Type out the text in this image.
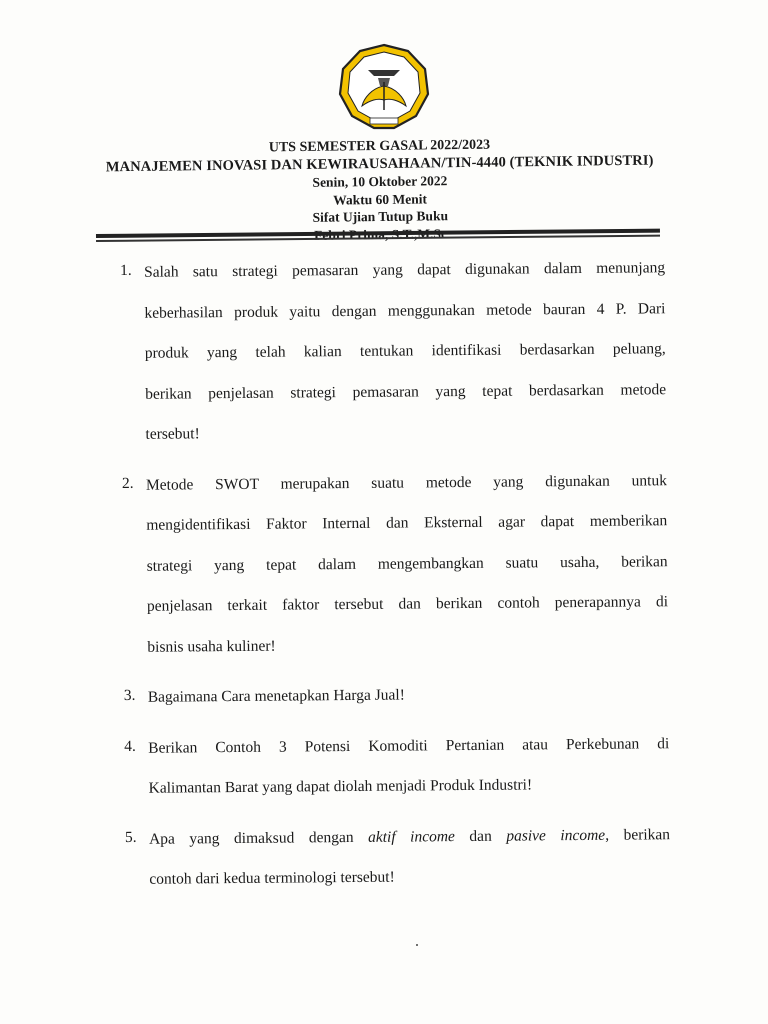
UTS SEMESTER GASAL 2022/2023
MANAJEMEN INOVASI DAN KEWIRAUSAHAAN/TIN-4440 (TEKNIK INDUSTRI)
Senin, 10 Oktober 2022
Waktu 60 Menit
Sifat Ujian Tutup Buku
1. Salah satu strategi pemasaran yang dapat digunakan dalam menunjang
keberhasilan produk yaitu dengan menggunakan metode bauran 4 P. Dari
produk yang telah kalian tentukan identifikasi berdasarkan peluang,
berikan penjelasan strategi pemasaran yang tepat berdasarkan metode
tersebut!
2. Metode SWOT merupakan suatu metode yang digunakan untuk
mengidentifikasi Faktor Internal dan Eksternal agar dapat memberikan
strategi yang tepat dalam mengembangkan suatu usaha, berikan
penjelasan terkait faktor tersebut dan berikan contoh penerapannya di
bisnis usaha kuliner!
3. Bagaimana Cara menetapkan Harga Jual!
4. Berikan Contoh 3 Potensi Komoditi Pertanian atau Perkebunan di
Kalimantan Barat yang dapat diolah menjadi Produk Industri!
5. Apa yang dimaksud dengan aktif income dan pasive income, berikan
contoh dari kedua terminologi tersebut!
